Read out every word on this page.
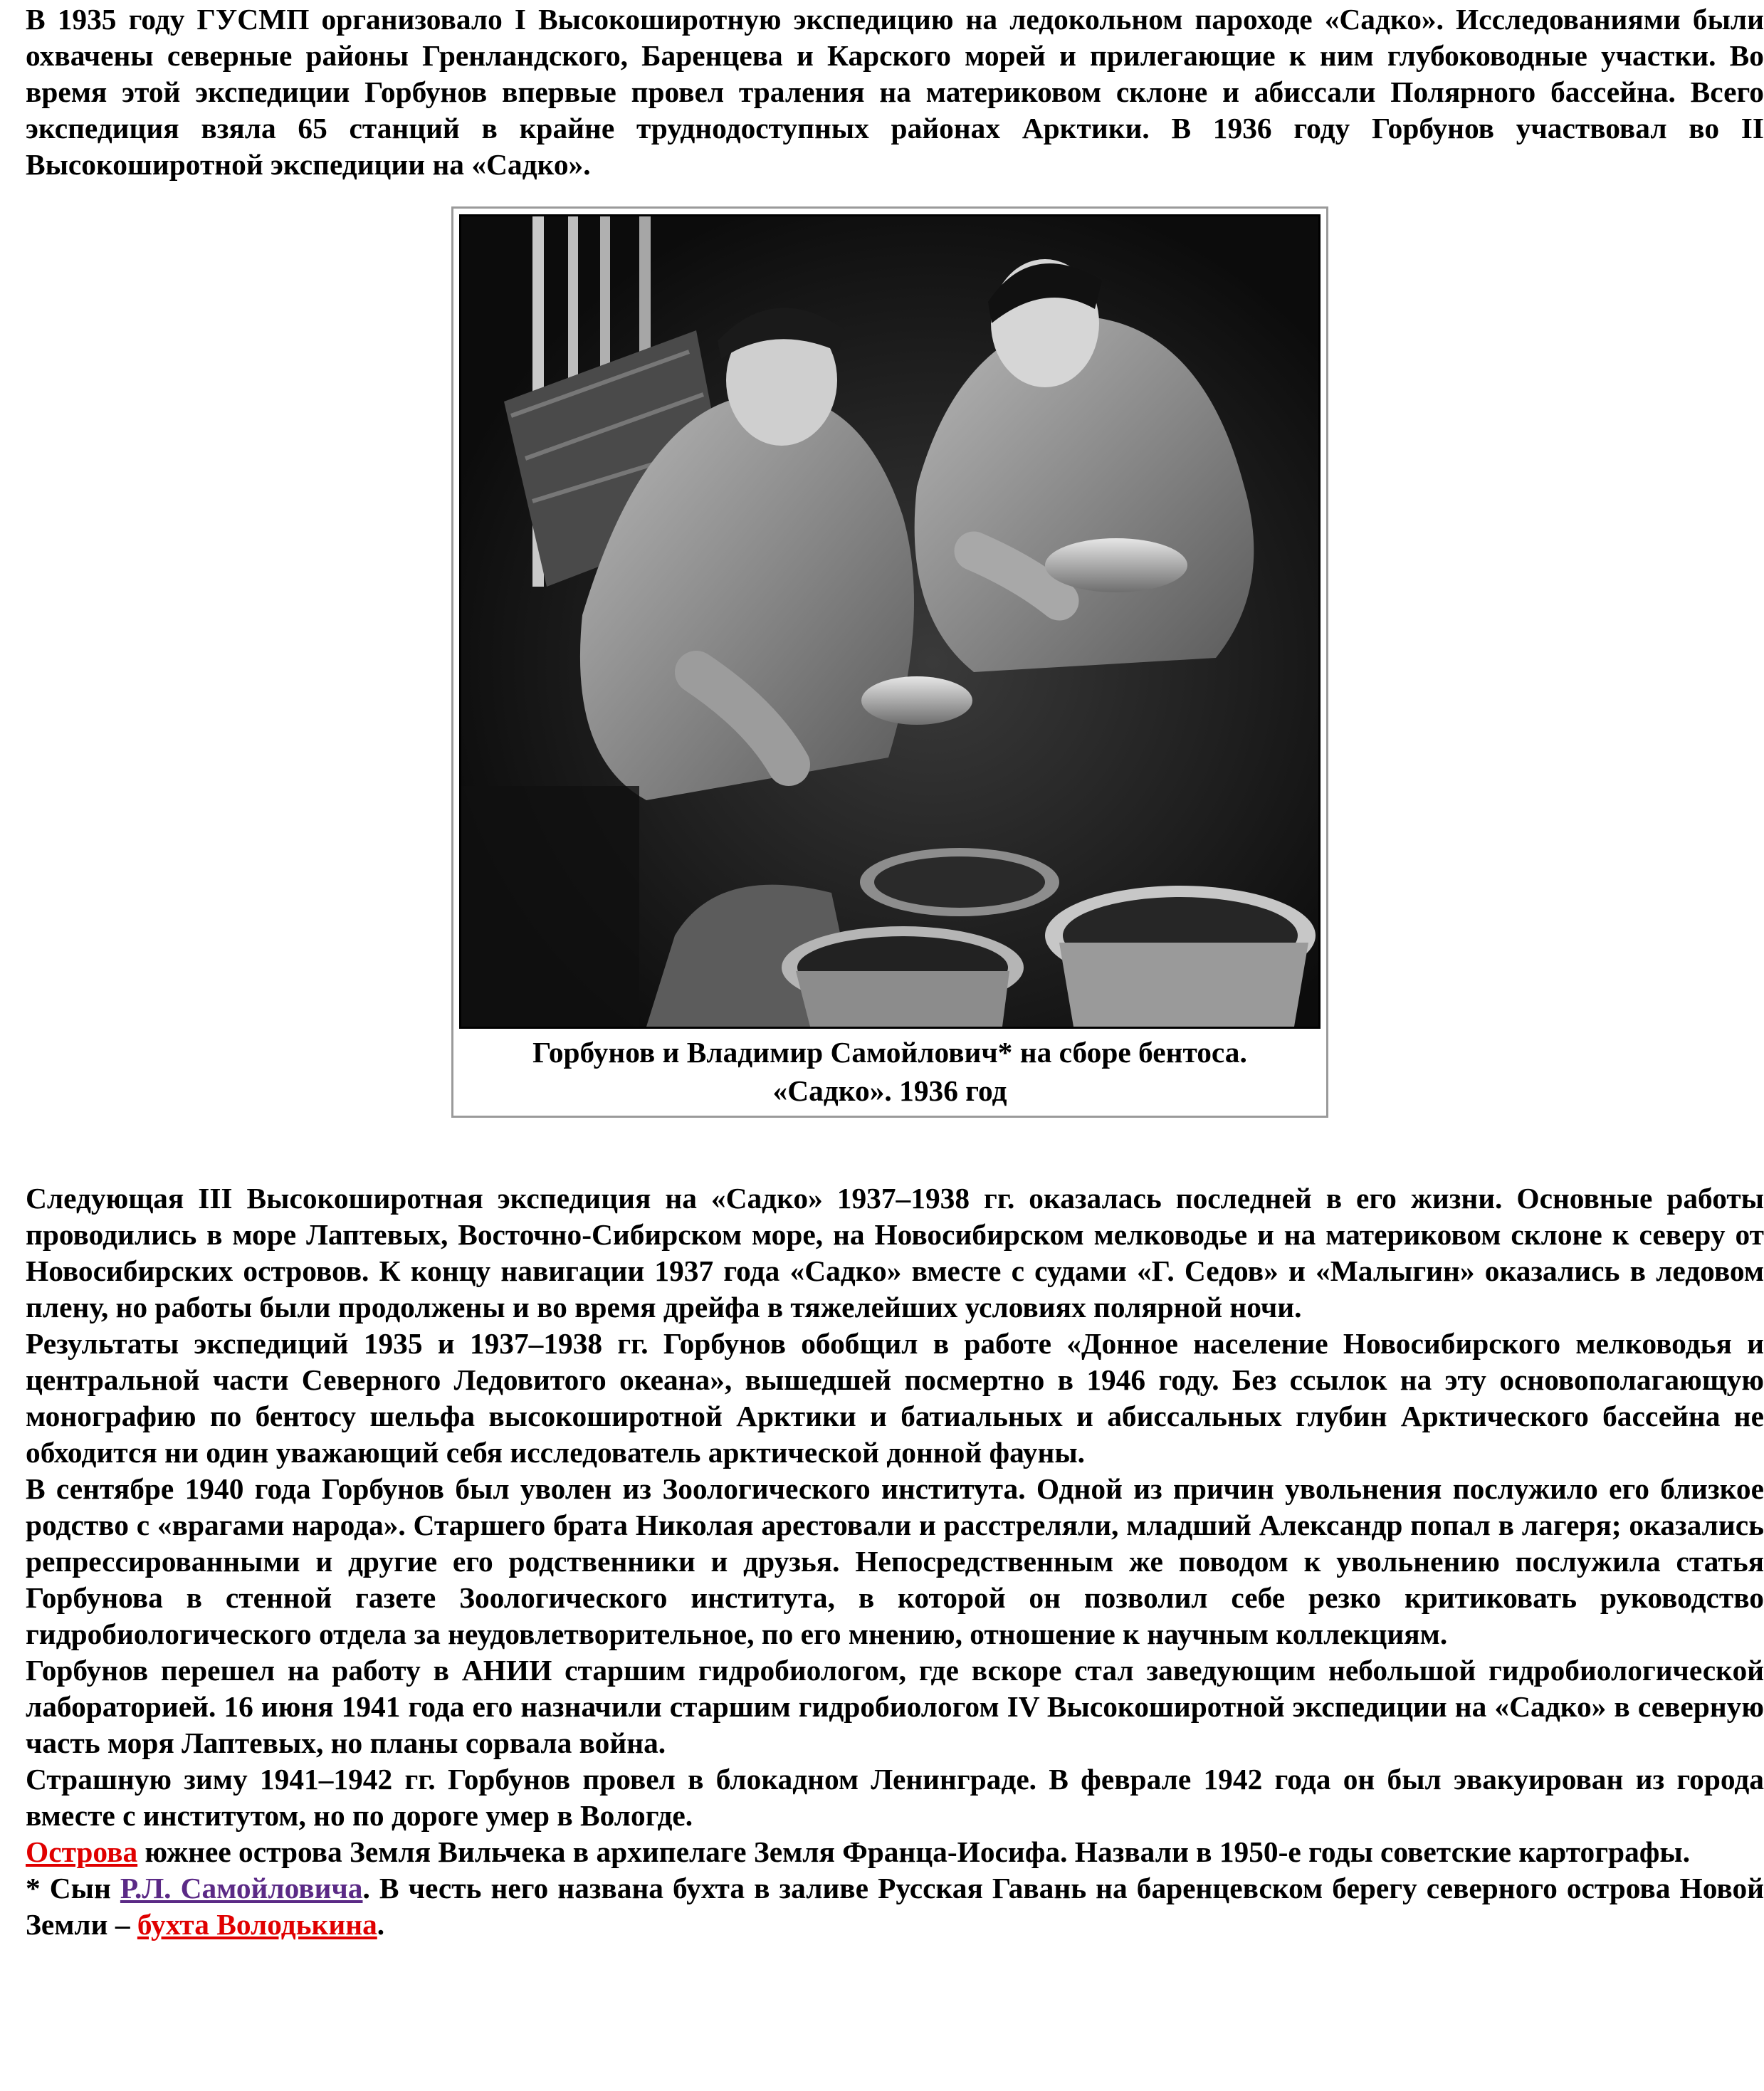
В 1935 году ГУСМП организовало I Высокоширотную экспедицию на ледокольном пароходе «Садко». Исследованиями были охвачены северные районы Гренландского, Баренцева и Карского морей и прилегающие к ним глубоководные участки. Во время этой экспедиции Горбунов впервые провел траления на материковом склоне и абиссали Полярного бассейна. Всего экспедиция взяла 65 станций в крайне труднодоступных районах Арктики. В 1936 году Горбунов участвовал во II Высокоширотной экспедиции на «Садко».

Горбунов и Владимир Самойлович* на сборе бентоса.
«Садко». 1936 год

Следующая III Высокоширотная экспедиция на «Садко» 1937–1938 гг. оказалась последней в его жизни. Основные работы проводились в море Лаптевых, Восточно-Сибирском море, на Новосибирском мелководье и на материковом склоне к северу от Новосибирских островов. К концу навигации 1937 года «Садко» вместе с судами «Г. Седов» и «Малыгин» оказались в ледовом плену, но работы были продолжены и во время дрейфа в тяжелейших условиях полярной ночи.

Результаты экспедиций 1935 и 1937–1938 гг. Горбунов обобщил в работе «Донное население Новосибирского мелководья и центральной части Северного Ледовитого океана», вышедшей посмертно в 1946 году. Без ссылок на эту основополагающую монографию по бентосу шельфа высокоширотной Арктики и батиальных и абиссальных глубин Арктического бассейна не обходится ни один уважающий себя исследователь арктической донной фауны.

В сентябре 1940 года Горбунов был уволен из Зоологического института. Одной из причин увольнения послужило его близкое родство с «врагами народа». Старшего брата Николая арестовали и расстреляли, младший Александр попал в лагеря; оказались репрессированными и другие его родственники и друзья. Непосредственным же поводом к увольнению послужила статья Горбунова в стенной газете Зоологического института, в которой он позволил себе резко критиковать руководство гидробиологического отдела за неудовлетворительное, по его мнению, отношение к научным коллекциям.

Горбунов перешел на работу в АНИИ старшим гидробиологом, где вскоре стал заведующим небольшой гидробиологической лабораторией. 16 июня 1941 года его назначили старшим гидробиологом IV Высокоширотной экспедиции на «Садко» в северную часть моря Лаптевых, но планы сорвала война.

Страшную зиму 1941–1942 гг. Горбунов провел в блокадном Ленинграде. В феврале 1942 года он был эвакуирован из города вместе с институтом, но по дороге умер в Вологде.

Острова южнее острова Земля Вильчека в архипелаге Земля Франца-Иосифа. Назвали в 1950-е годы советские картографы.

* Сын Р.Л. Самойловича. В честь него названа бухта в заливе Русская Гавань на баренцевском берегу северного острова Новой Земли – бухта Володькина.
